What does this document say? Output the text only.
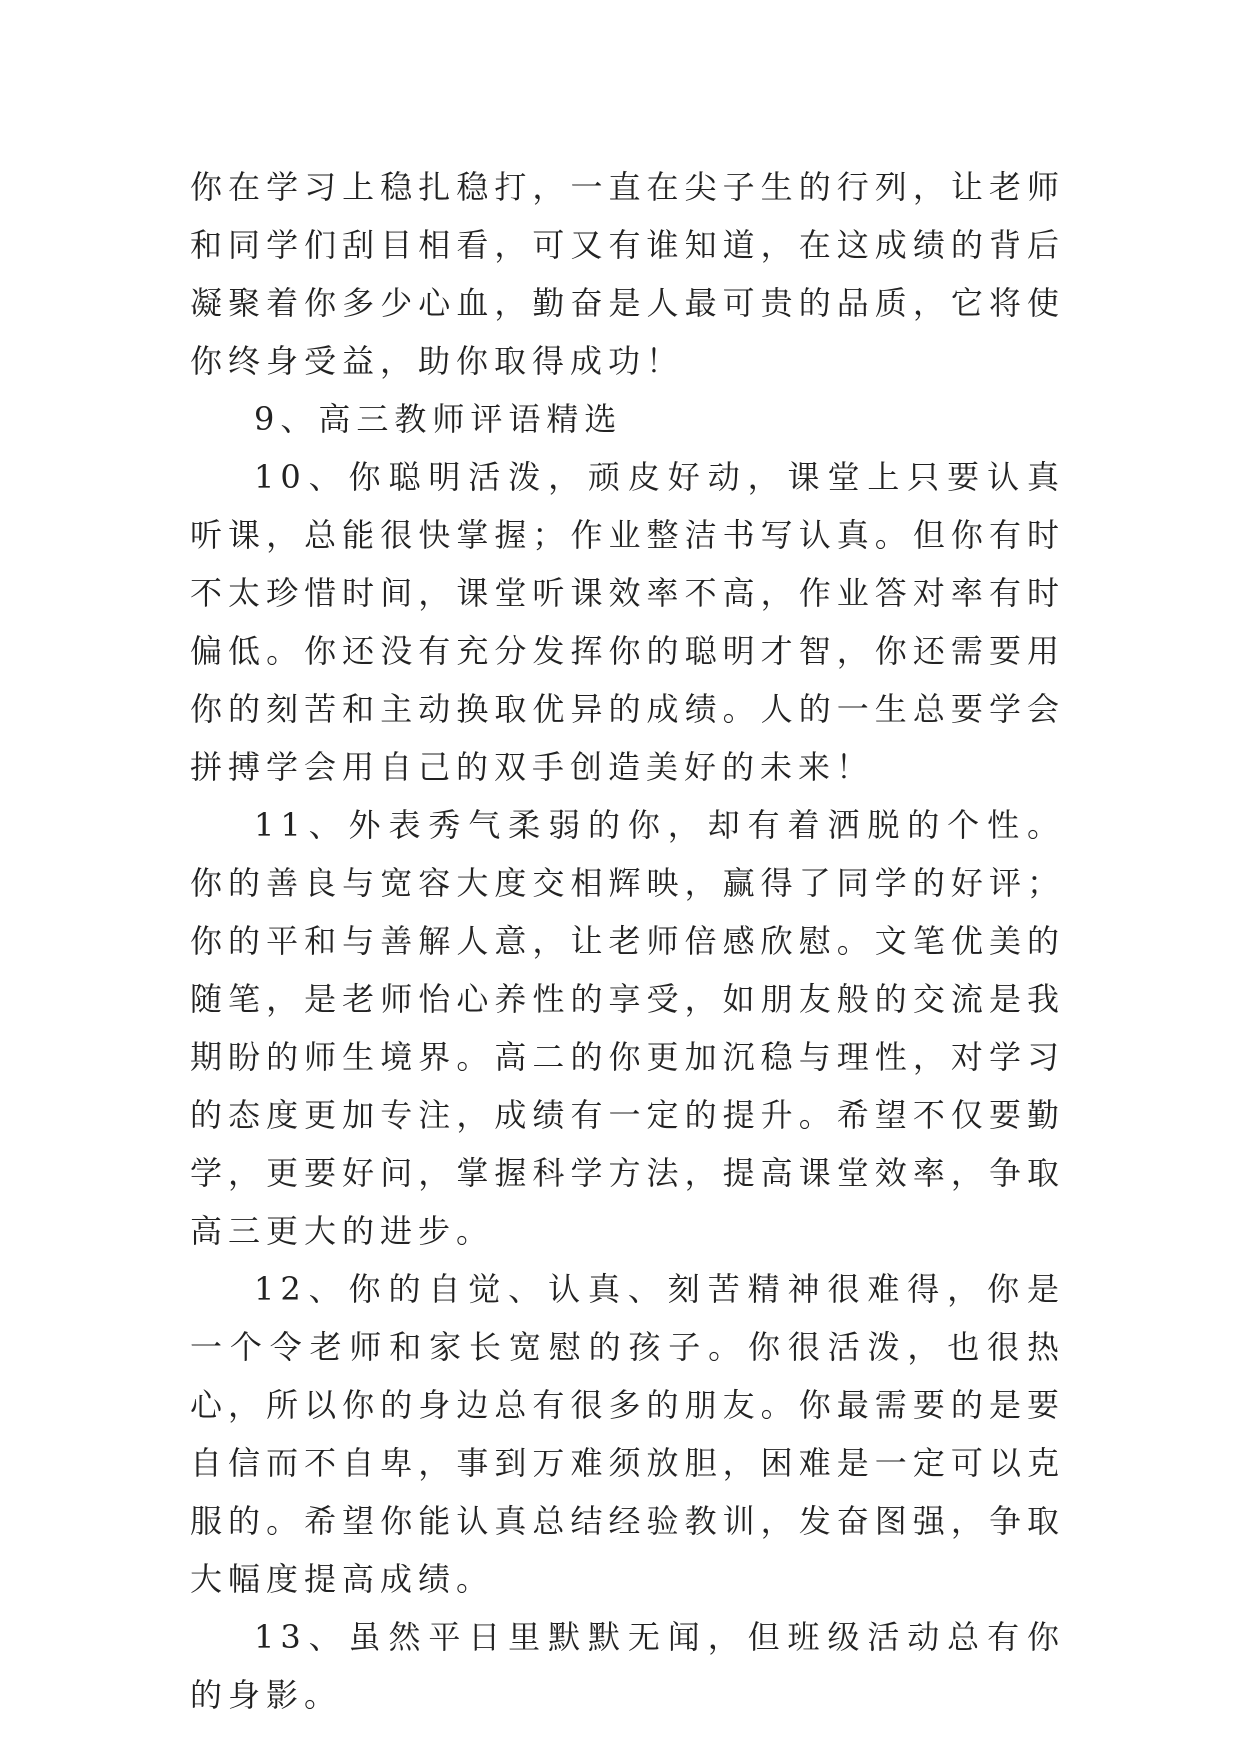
你在学习上稳扎稳打，一直在尖子生的行列，让老师和同学们刮目相看，可又有谁知道，在这成绩的背后凝聚着你多少心血，勤奋是人最可贵的品质，它将使你终身受益，助你取得成功！

9、高三教师评语精选

10、你聪明活泼，顽皮好动，课堂上只要认真听课，总能很快掌握；作业整洁书写认真。但你有时不太珍惜时间，课堂听课效率不高，作业答对率有时偏低。你还没有充分发挥你的聪明才智，你还需要用你的刻苦和主动换取优异的成绩。人的一生总要学会拼搏学会用自己的双手创造美好的未来！

11、外表秀气柔弱的你，却有着洒脱的个性。你的善良与宽容大度交相辉映，赢得了同学的好评；你的平和与善解人意，让老师倍感欣慰。文笔优美的随笔，是老师怡心养性的享受，如朋友般的交流是我期盼的师生境界。高二的你更加沉稳与理性，对学习的态度更加专注，成绩有一定的提升。希望不仅要勤学，更要好问，掌握科学方法，提高课堂效率，争取高三更大的进步。

12、你的自觉、认真、刻苦精神很难得，你是一个令老师和家长宽慰的孩子。你很活泼，也很热心，所以你的身边总有很多的朋友。你最需要的是要自信而不自卑，事到万难须放胆，困难是一定可以克服的。希望你能认真总结经验教训，发奋图强，争取大幅度提高成绩。

13、虽然平日里默默无闻，但班级活动总有你的身影。
